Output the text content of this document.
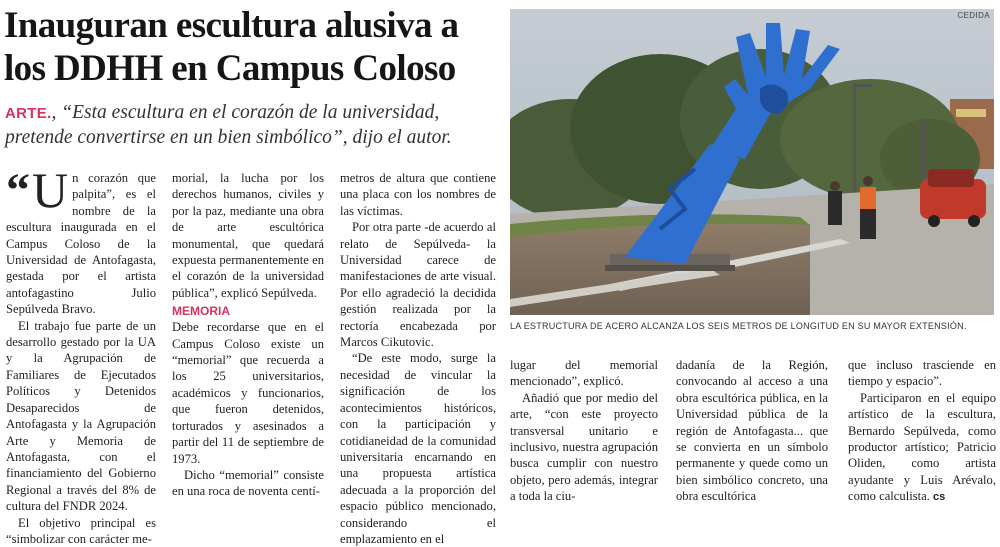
Inauguran escultura alusiva a los DDHH en Campus Coloso

ARTE., “Esta escultura en el corazón de la universidad, pretende convertirse en un bien simbólico”, dijo el autor.

“ U n corazón que palpita”, es el nombre de la escultura inaugurada en el Campus Coloso de la Universidad de Antofagasta, gestada por el artista antofagastino Julio Sepúlveda Bravo.

El trabajo fue parte de un desarrollo gestado por la UA y la Agrupación de Familiares de Ejecutados Políticos y Detenidos Desaparecidos de Antofagasta y la Agrupación Arte y Memoria de Antofagasta, con el financiamiento del Gobierno Regional a través del 8% de cultura del FNDR 2024.

El objetivo principal es “simbolizar con carácter me-

morial, la lucha por los derechos humanos, civiles y por la paz, mediante una obra de arte escultórica monumental, que quedará expuesta permanentemente en el corazón de la universidad pública”, explicó Sepúlveda.

MEMORIA

Debe recordarse que en el Campus Coloso existe un “memorial” que recuerda a los 25 universitarios, académicos y funcionarios, que fueron detenidos, torturados y asesinados a partir del 11 de septiembre de 1973.

Dicho “memorial” consiste en una roca de noventa centí-

metros de altura que contiene una placa con los nombres de las víctimas.

Por otra parte -de acuerdo al relato de Sepúlveda- la Universidad carece de manifestaciones de arte visual. Por ello agradeció la decidida gestión realizada por la rectoría encabezada por Marcos Cikutovic.

“De este modo, surge la necesidad de vincular la significación de los acontecimientos históricos, con la participación y cotidianeidad de la comunidad universitaria encarnando en una propuesta artística adecuada a la proporción del espacio público mencionado, considerando el emplazamiento en el

CEDIDA

LA ESTRUCTURA DE ACERO ALCANZA LOS SEIS METROS DE LONGITUD EN SU MAYOR EXTENSIÓN.

lugar del memorial mencionado”, explicó.

Añadió que por medio del arte, “con este proyecto transversal unitario e inclusivo, nuestra agrupación busca cumplir con nuestro objeto, pero además, integrar a toda la ciu-

dadanía de la Región, convocando al acceso a una obra escultórica pública, en la Universidad pública de la región de Antofagasta... que se convierta en un símbolo permanente y quede como un bien simbólico concreto, una obra escultórica

que incluso trasciende en tiempo y espacio”.

Participaron en el equipo artístico de la escultura, Bernardo Sepúlveda, como productor artístico; Patricio Oliden, como artista ayudante y Luis Arévalo, como calculista. cs
